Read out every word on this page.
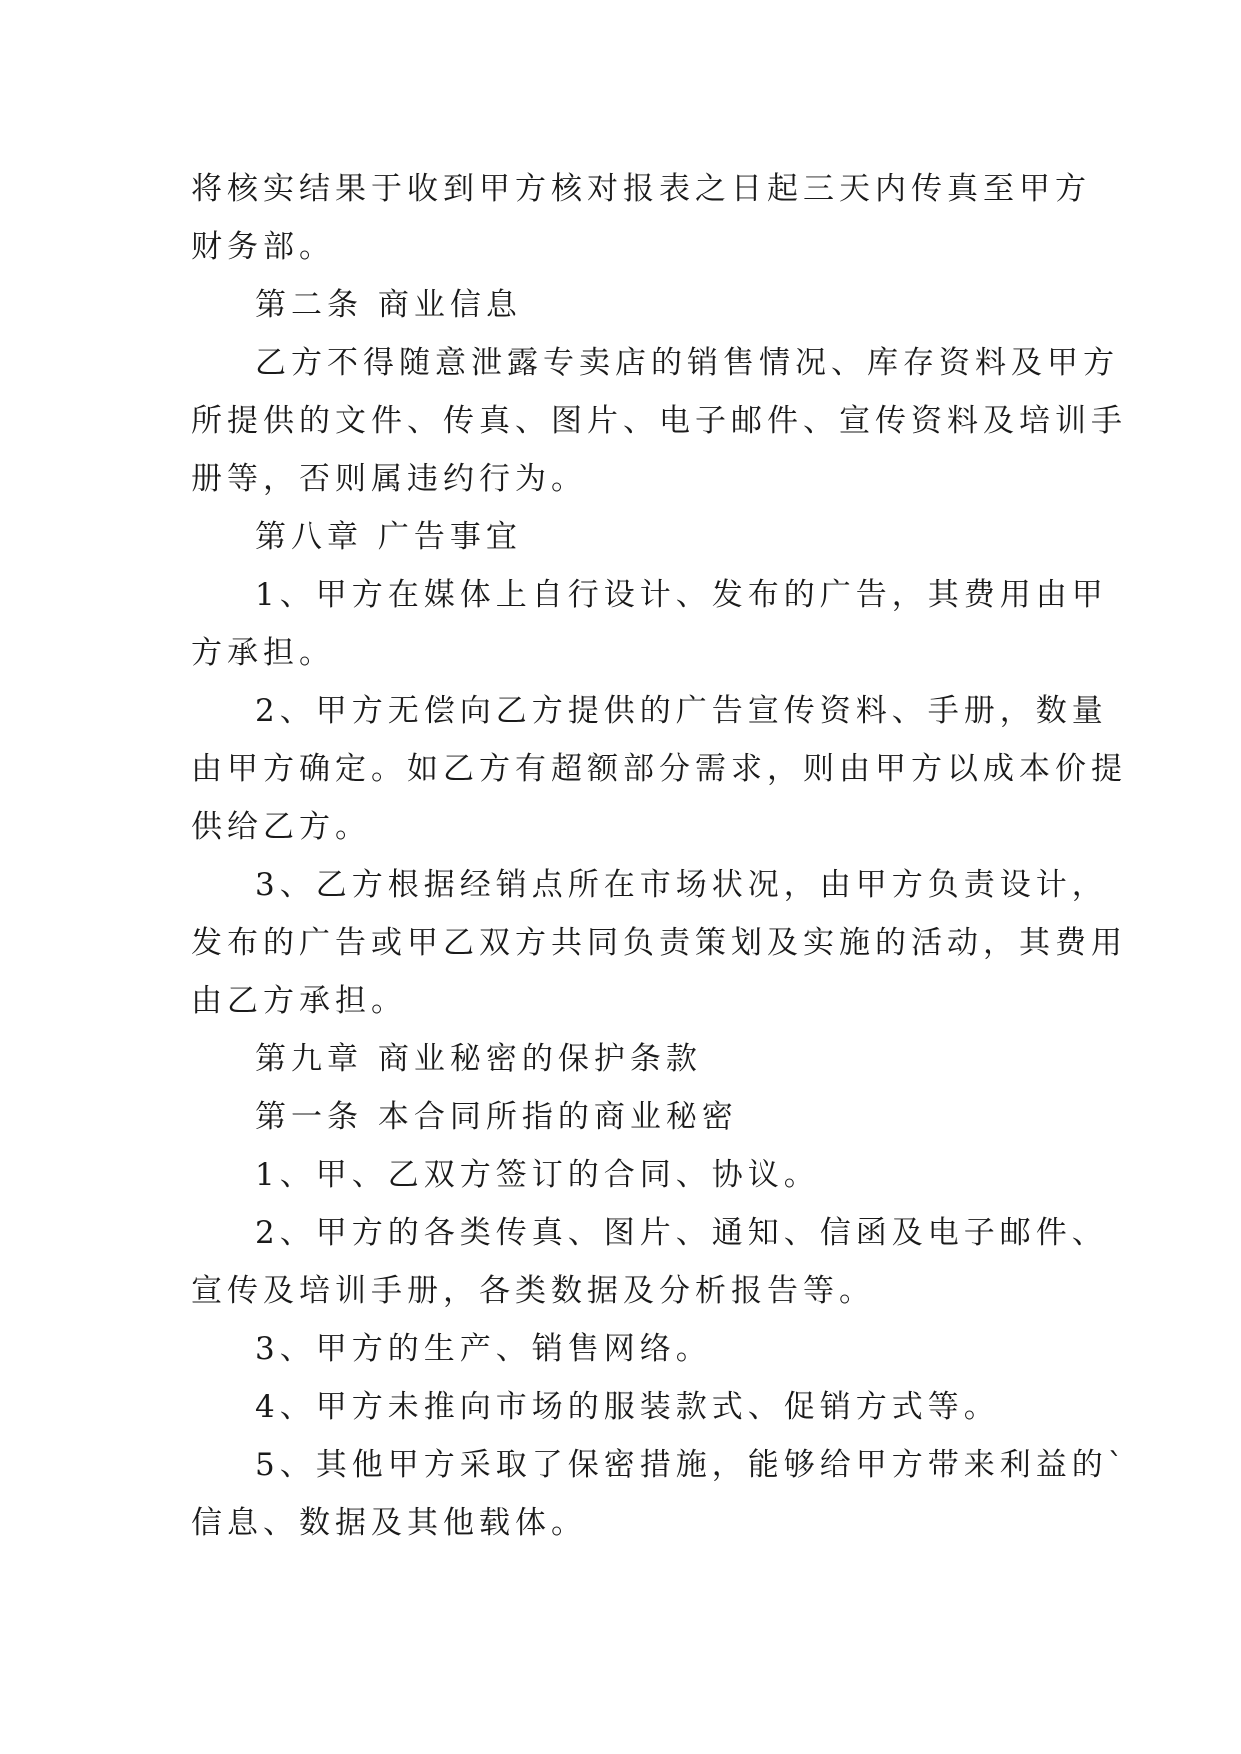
将核实结果于收到甲方核对报表之日起三天内传真至甲方

财务部。

第二条 商业信息

乙方不得随意泄露专卖店的销售情况、库存资料及甲方

所提供的文件、传真、图片、电子邮件、宣传资料及培训手

册等，否则属违约行为。

第八章 广告事宜

1、甲方在媒体上自行设计、发布的广告，其费用由甲

方承担。

2、甲方无偿向乙方提供的广告宣传资料、手册，数量

由甲方确定。如乙方有超额部分需求，则由甲方以成本价提

供给乙方。

3、乙方根据经销点所在市场状况，由甲方负责设计，

发布的广告或甲乙双方共同负责策划及实施的活动，其费用

由乙方承担。

第九章 商业秘密的保护条款

第一条 本合同所指的商业秘密

1、甲、乙双方签订的合同、协议。

2、甲方的各类传真、图片、通知、信函及电子邮件、

宣传及培训手册，各类数据及分析报告等。

3、甲方的生产、销售网络。

4、甲方未推向市场的服装款式、促销方式等。

5、其他甲方采取了保密措施，能够给甲方带来利益的`

信息、数据及其他载体。
